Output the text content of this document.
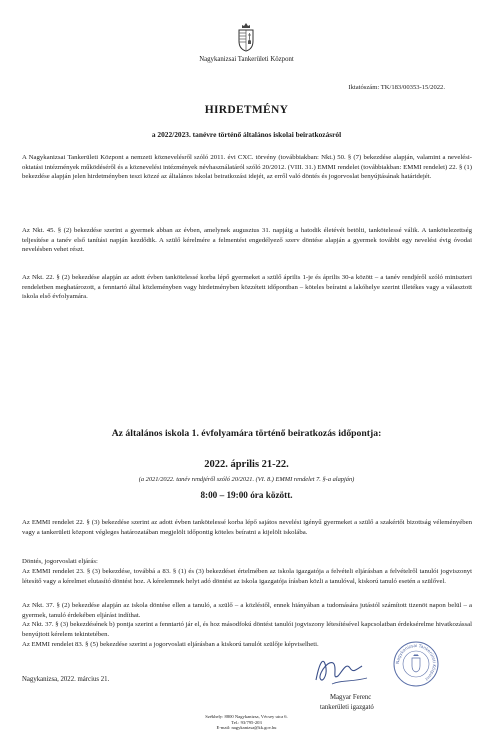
Nagykanizsai Tankerületi Központ
Iktatószám: TK/183/00353-15/2022.
HIRDETMÉNY
a 2022/2023. tanévre történő általános iskolai beiratkozásról

A Nagykanizsai Tankerületi Központ a nemzeti köznevelésről szóló 2011. évi CXC. törvény (továbbiakban: Nkt.) 50. § (7) bekezdése alapján, valamint a nevelési-oktatási intézmények működéséről és a köznevelési intézmények névhasználatáról szóló 20/2012. (VIII. 31.) EMMI rendelet (továbbiakban: EMMI rendelet) 22. § (1) bekezdése alapján jelen hirdetményben teszi közzé az általános iskolai beiratkozási idejét, az erről való döntés és jogorvoslat benyújtásának határidejét.

Az Nkt. 45. § (2) bekezdése szerint a gyermek abban az évben, amelynek augusztus 31. napjáig a hatodik életévét betölti, tankötelessé válik. A tankötelezettség teljesítése a tanév első tanítási napján kezdődik. A szülő kérelmére a felmentést engedélyező szerv döntése alapján a gyermek további egy nevelési évig óvodai nevelésben vehet részt.

Az Nkt. 22. § (2) bekezdése alapján az adott évben tankötelessé korba lépő gyermeket a szülő április 1-je és április 30-a között – a tanév rendjéről szóló miniszteri rendeletben meghatározott, a fenntartó által közleményben vagy hirdetményben közzétett időpontban – köteles beíratni a lakóhelye szerint illetékes vagy a választott iskola első évfolyamára.

Az általános iskola 1. évfolyamára történő beiratkozás időpontja:
2022. április 21-22.
(a 2021/2022. tanév rendjéről szóló 20/2021. (VI. 8.) EMMI rendelet 7. §-a alapján)
8:00 – 19:00 óra között.

Az EMMI rendelet 22. § (3) bekezdése szerint az adott évben tankötelessé korba lépő sajátos nevelési igényű gyermeket a szülő a szakértői bizottság véleményében vagy a tankerületi központ végleges határozatában megjelölt időpontig köteles beíratni a kijelölt iskolába.

Döntés, jogorvoslati eljárás:

Az EMMI rendelet 23. § (3) bekezdése, továbbá a 83. § (1) és (3) bekezdései értelmében az iskola igazgatója a felvételi eljárásban a felvételről tanulói jogviszonyt létesítő vagy a kérelmet elutasító döntést hoz. A kérelemnek helyt adó döntést az iskola igazgatója írásban közli a tanulóval, kiskorú tanuló esetén a szülővel.

Az Nkt. 37. § (2) bekezdése alapján az iskola döntése ellen a tanuló, a szülő – a közléstől, ennek hiányában a tudomására jutástól számított tizenöt napon belül – a gyermek, tanuló érdekében eljárást indíthat.

Az Nkt. 37. § (3) bekezdésének b) pontja szerint a fenntartó jár el, és hoz másodfokú döntést tanulói jogviszony létesítésével kapcsolatban érdeksérelme hivatkozással benyújtott kérelem tekintetében.

Az EMMI rendelet 83. § (5) bekezdése szerint a jogorvoslati eljárásban a kiskorú tanulót szülője képviselheti.

Nagykanizsa, 2022. március 21.
Nagykanizsai Tankerületi Központ
Magyar Ferenc
tankerületi igazgató
Székhely: 8800 Nagykanizsa, Vécsey utca 6.
Tel.: 93/795-203
E-mail: nagykanizsa@kk.gov.hu
